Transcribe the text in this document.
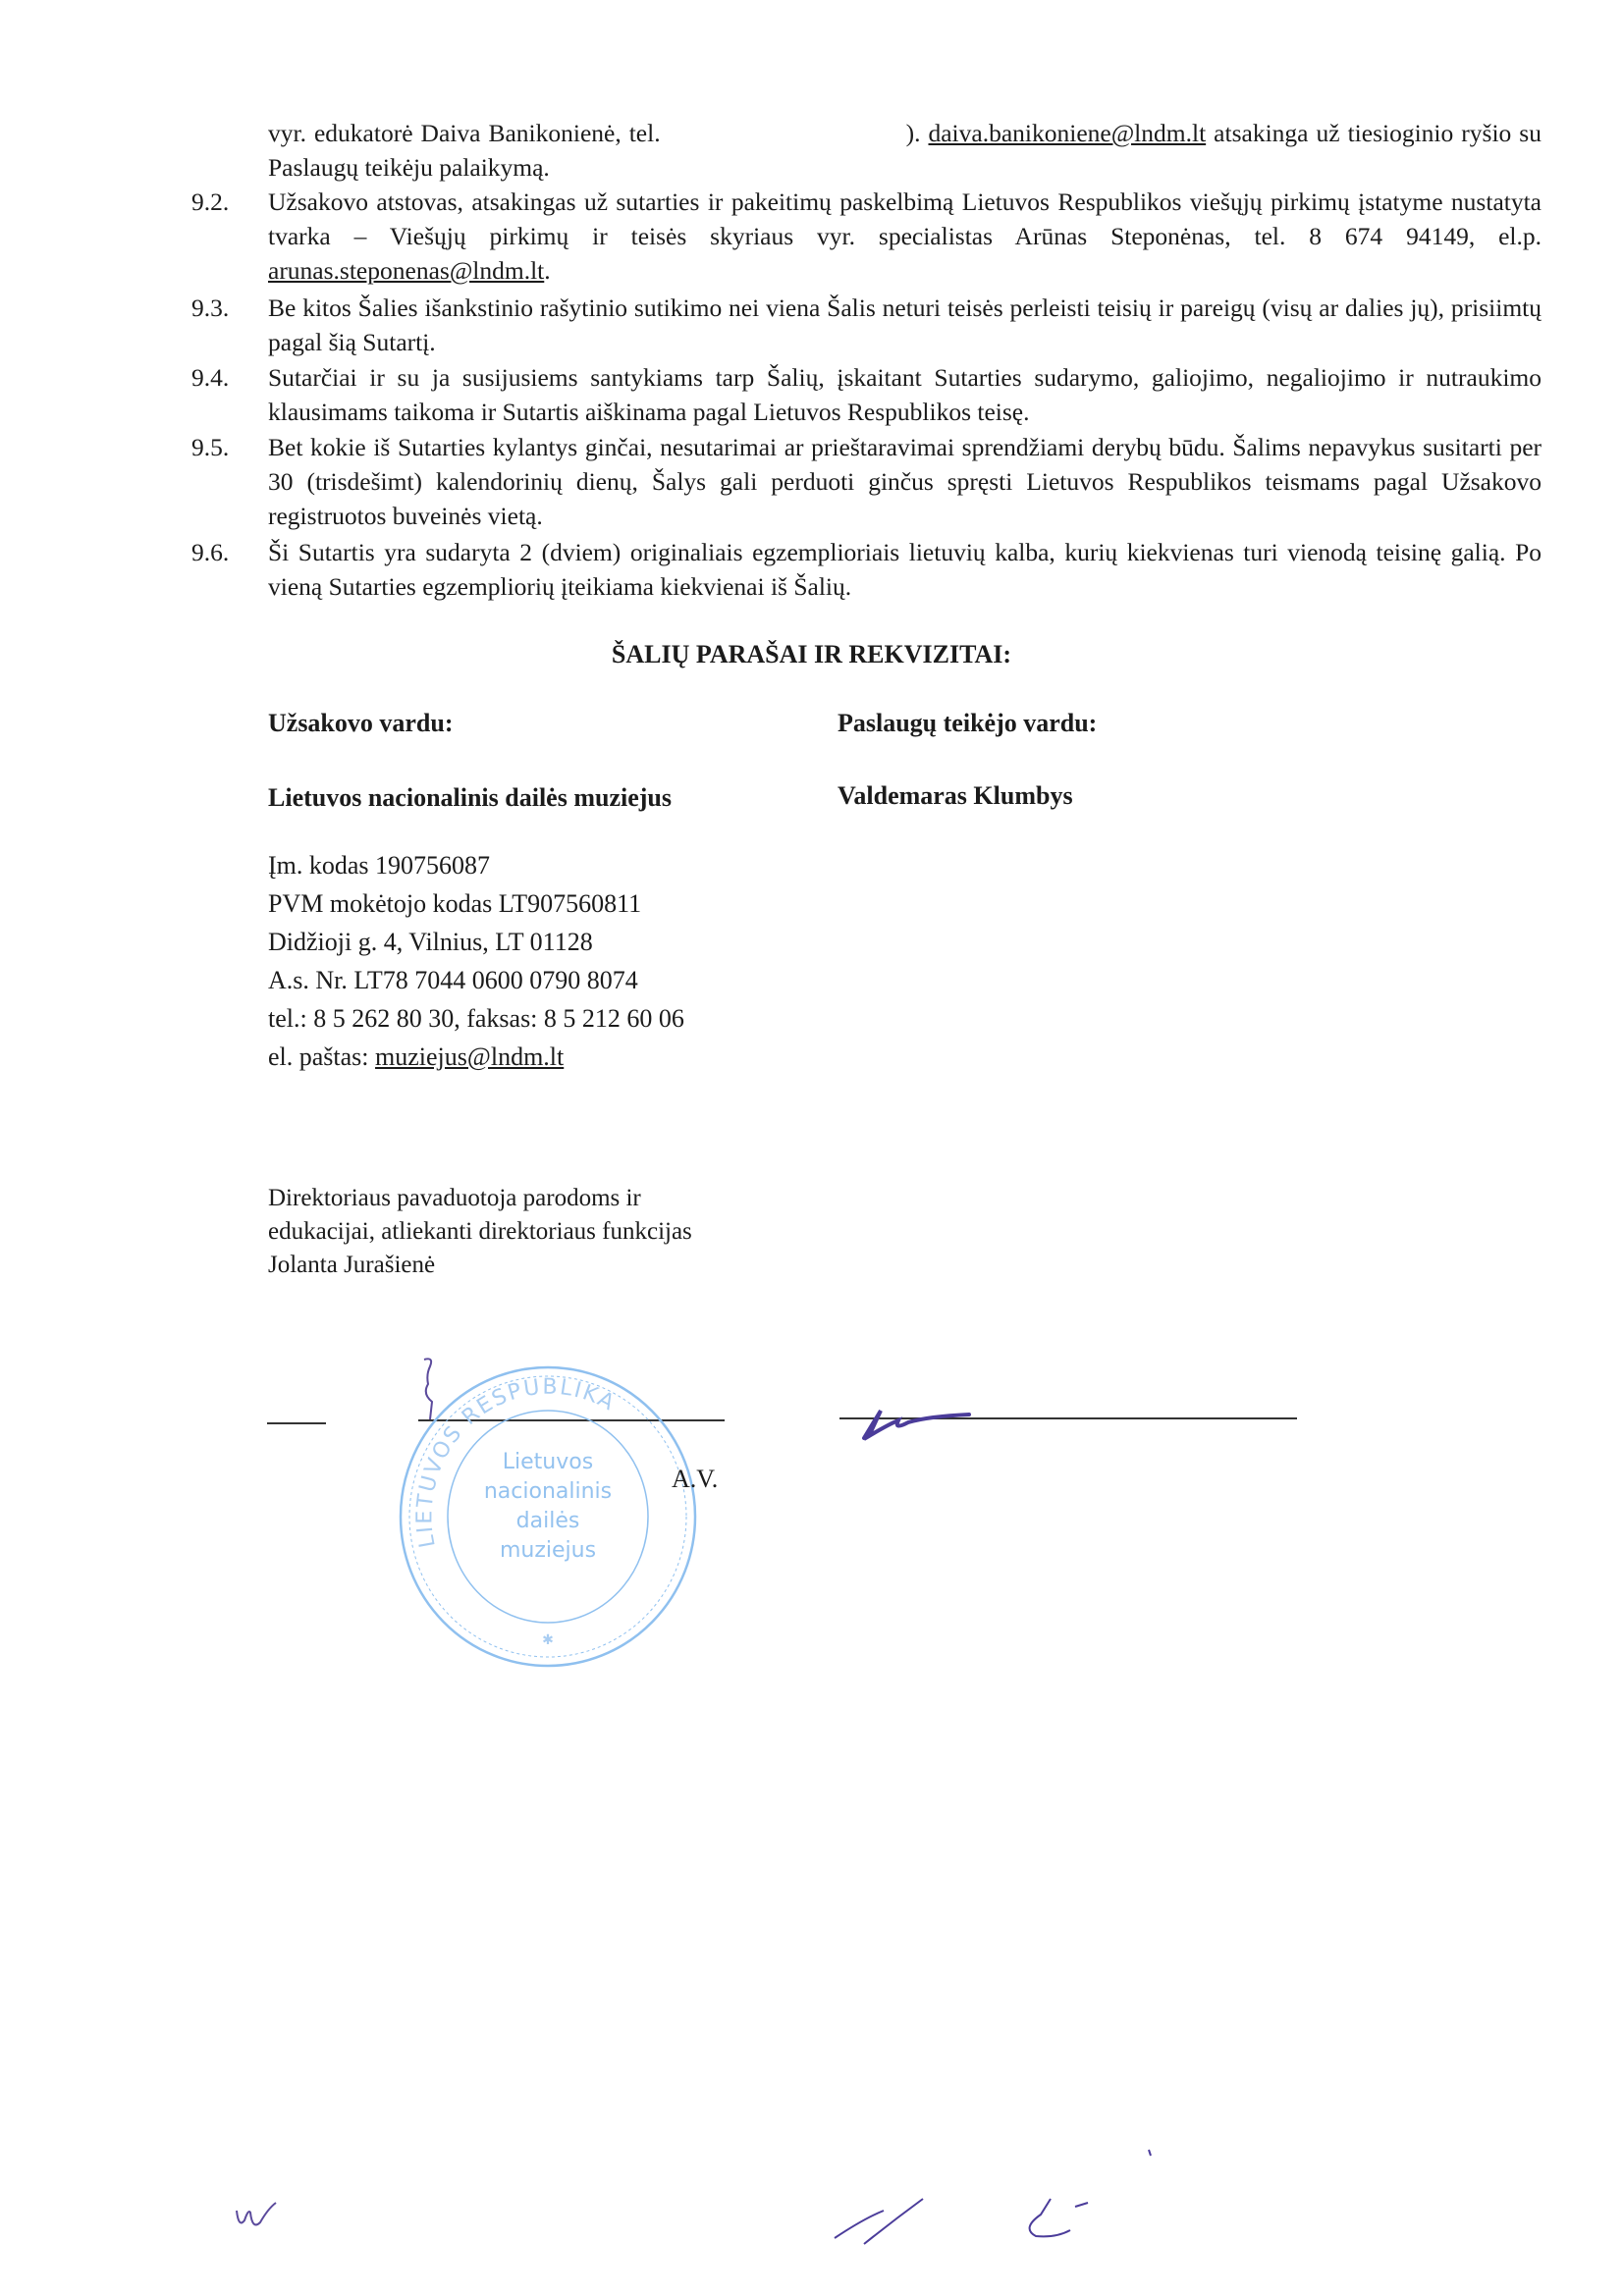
vyr. edukatorė Daiva Banikonienė, tel.	). daiva.banikoniene@lndm.lt atsakinga už tiesioginio ryšio su Paslaugų teikėju palaikymą.
9.2. Užsakovo atstovas, atsakingas už sutarties ir pakeitimų paskelbimą Lietuvos Respublikos viešųjų pirkimų įstatyme nustatyta tvarka – Viešųjų pirkimų ir teisės skyriaus vyr. specialistas Arūnas Steponėnas, tel. 8 674 94149, el.p. arunas.steponenas@lndm.lt.
9.3. Be kitos Šalies išankstinio rašytinio sutikimo nei viena Šalis neturi teisės perleisti teisių ir pareigų (visų ar dalies jų), prisiimtų pagal šią Sutartį.
9.4. Sutarčiai ir su ja susijusiems santykiams tarp Šalių, įskaitant Sutarties sudarymo, galiojimo, negaliojimo ir nutraukimo klausimams taikoma ir Sutartis aiškinama pagal Lietuvos Respublikos teisę.
9.5. Bet kokie iš Sutarties kylantys ginčai, nesutarimai ar prieštaravimai sprendžiami derybų būdu. Šalims nepavykus susitarti per 30 (trisdešimt) kalendorinių dienų, Šalys gali perduoti ginčus spręsti Lietuvos Respublikos teismams pagal Užsakovo registruotos buveinės vietą.
9.6. Ši Sutartis yra sudaryta 2 (dviem) originaliais egzemplioriais lietuvių kalba, kurių kiekvienas turi vienodą teisinę galią. Po vieną Sutarties egzempliorių įteikiama kiekvienai iš Šalių.
ŠALIŲ PARAŠAI IR REKVIZITAI:
Užsakovo vardu:	Paslaugų teikėjo vardu:
Lietuvos nacionalinis dailės muziejus	Valdemaras Klumbys
Įm. kodas 190756087
PVM mokėtojo kodas LT907560811
Didžioji g. 4, Vilnius, LT 01128
A.s. Nr. LT78 7044 0600 0790 8074
tel.: 8 5 262 80 30, faksas: 8 5 212 60 06
el. paštas: muziejus@lndm.lt
Direktoriaus pavaduotoja parodoms ir
edukacijai, atliekanti direktoriaus funkcijas
Jolanta Jurašienė
LIETUVOS RESPUBLIKA
Lietuvos
nacionalinis
dailės
muziejus
✱
A.V.
